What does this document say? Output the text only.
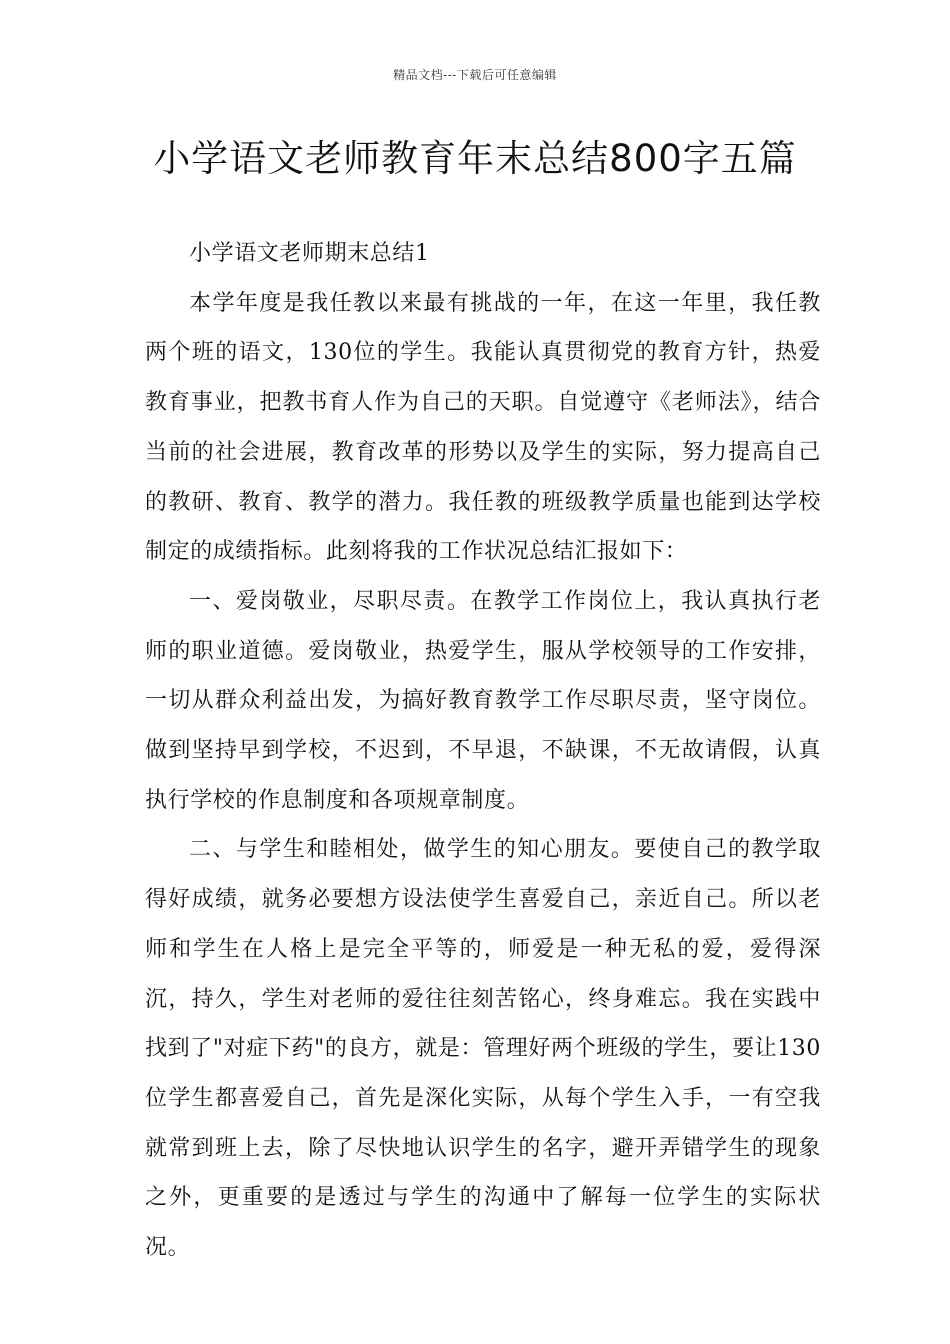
精品文档---下载后可任意编辑
小学语文老师教育年末总结800字五篇

小学语文老师期末总结1

本学年度是我任教以来最有挑战的一年，在这一年里，我任教两个班的语文，130位的学生。我能认真贯彻党的教育方针，热爱教育事业，把教书育人作为自己的天职。自觉遵守《老师法》，结合当前的社会进展，教育改革的形势以及学生的实际，努力提高自己的教研、教育、教学的潜力。我任教的班级教学质量也能到达学校制定的成绩指标。此刻将我的工作状况总结汇报如下：

一、爱岗敬业，尽职尽责。在教学工作岗位上，我认真执行老师的职业道德。爱岗敬业，热爱学生，服从学校领导的工作安排，一切从群众利益出发，为搞好教育教学工作尽职尽责，坚守岗位。做到坚持早到学校，不迟到，不早退，不缺课，不无故请假，认真执行学校的作息制度和各项规章制度。

二、与学生和睦相处，做学生的知心朋友。要使自己的教学取得好成绩，就务必要想方设法使学生喜爱自己，亲近自己。所以老师和学生在人格上是完全平等的，师爱是一种无私的爱，爱得深沉，持久，学生对老师的爱往往刻苦铭心，终身难忘。我在实践中找到了"对症下药"的良方，就是：管理好两个班级的学生，要让130位学生都喜爱自己，首先是深化实际，从每个学生入手，一有空我就常到班上去，除了尽快地认识学生的名字，避开弄错学生的现象之外，更重要的是透过与学生的沟通中了解每一位学生的实际状况。
